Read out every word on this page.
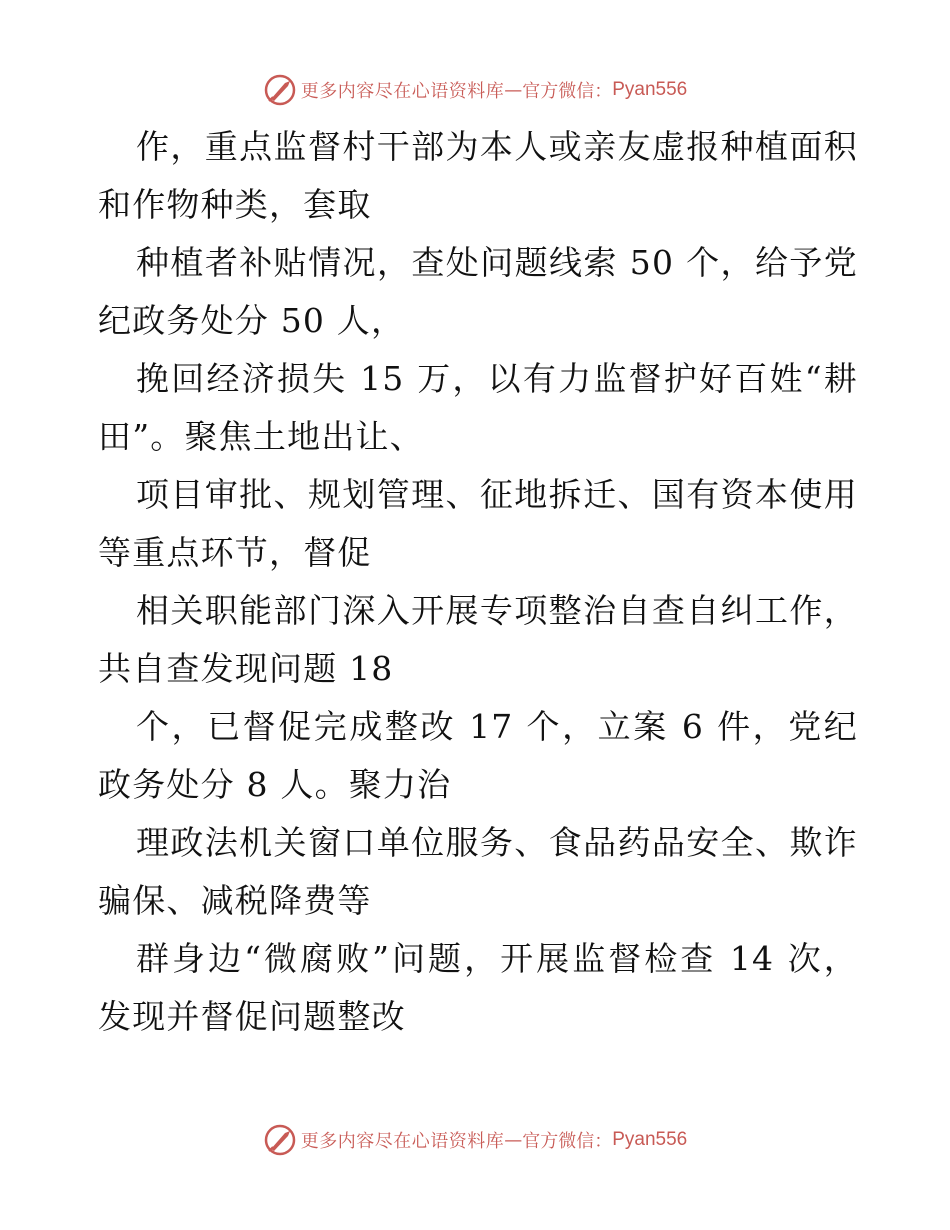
更多内容尽在心语资料库 — 官方微信： Pyan556
作，重点监督村干部为本人或亲友虚报种植面积
和作物种类，套取
种植者补贴情况，查处问题线索 50 个，给予党
纪政务处分 50 人，
挽回经济损失 15 万，以有力监督护好百姓“耕
田”。聚焦土地出让、
项目审批、规划管理、征地拆迁、国有资本使用
等重点环节，督促
相关职能部门深入开展专项整治自查自纠工作，
共自查发现问题 18
个，已督促完成整改 17 个，立案 6 件，党纪
政务处分 8 人。聚力治
理政法机关窗口单位服务、食品药品安全、欺诈
骗保、减税降费等
群身边“微腐败”问题，开展监督检查 14 次，
发现并督促问题整改
更多内容尽在心语资料库 — 官方微信： Pyan556
